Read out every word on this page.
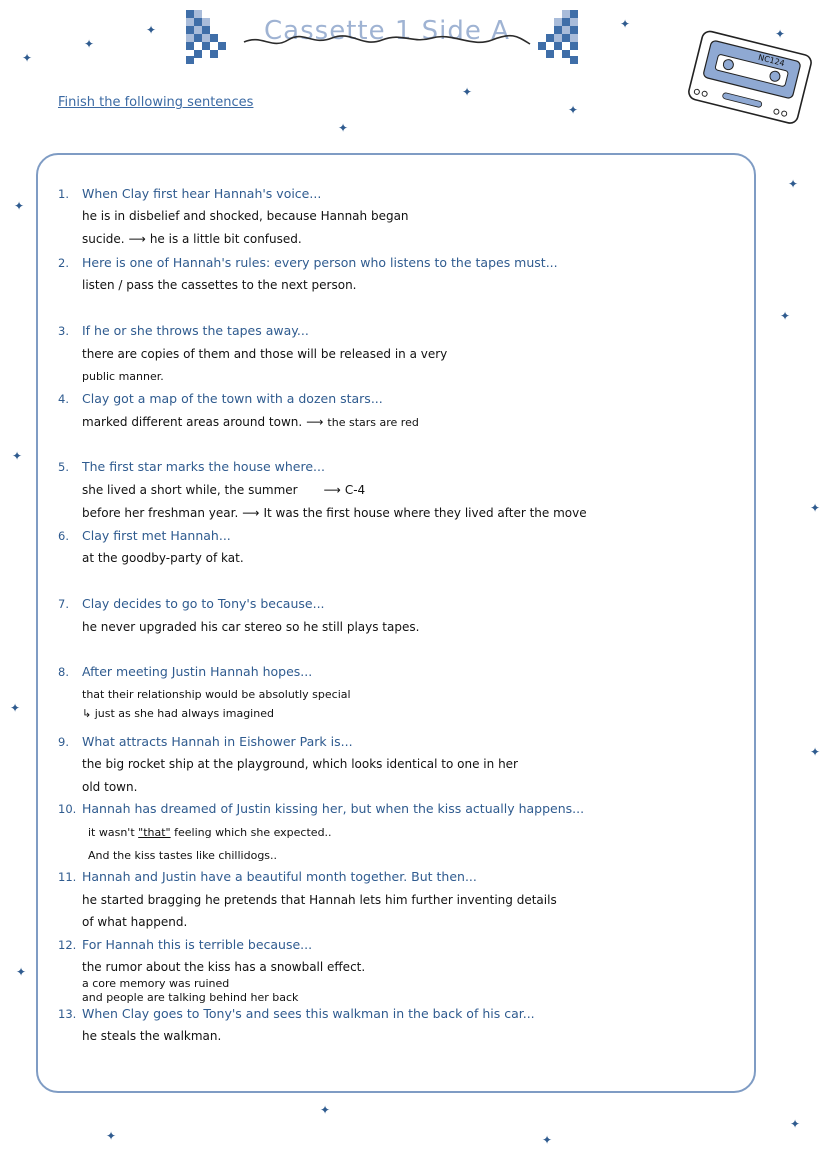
✦
✦
✦	✦
✦
✦
✦
✦
✦
✦
✦
✦
✦
✦
✦
✦
✦
✦	✦
✦
Cassette 1 Side A
NC124
Finish the following sentences
1. When Clay first hear Hannah's voice...
he is in disbelief and shocked, because Hannah began
sucide. ⟶ he is a little bit confused.
2. Here is one of Hannah's rules: every person who listens to the tapes must...
listen / pass the cassettes to the next person.
3. If he or she throws the tapes away...
there are copies of them and those will be released in a very
public manner.
4. Clay got a map of the town with a dozen stars...
marked different areas around town. ⟶ the stars are red
5. The first star marks the house where...
she lived a short while, the summer ⟶ C-4
before her freshman year. ⟶ It was the first house where they lived after the move
6. Clay first met Hannah...
at the goodby-party of kat.
7. Clay decides to go to Tony's because...
he never upgraded his car stereo so he still plays tapes.
8. After meeting Justin Hannah hopes...
that their relationship would be absolutly special
↳ just as she had always imagined
9. What attracts Hannah in Eishower Park is...
the big rocket ship at the playground, which looks identical to one in her
old town.
10. Hannah has dreamed of Justin kissing her, but when the kiss actually happens...
it wasn't "that" feeling which she expected..
And the kiss tastes like chillidogs..
11. Hannah and Justin have a beautiful month together. But then...
he started bragging he pretends that Hannah lets him further inventing details
of what happend.
12. For Hannah this is terrible because...
the rumor about the kiss has a snowball effect.
a core memory was ruined
and people are talking behind her back
13. When Clay goes to Tony's and sees this walkman in the back of his car...
he steals the walkman.
